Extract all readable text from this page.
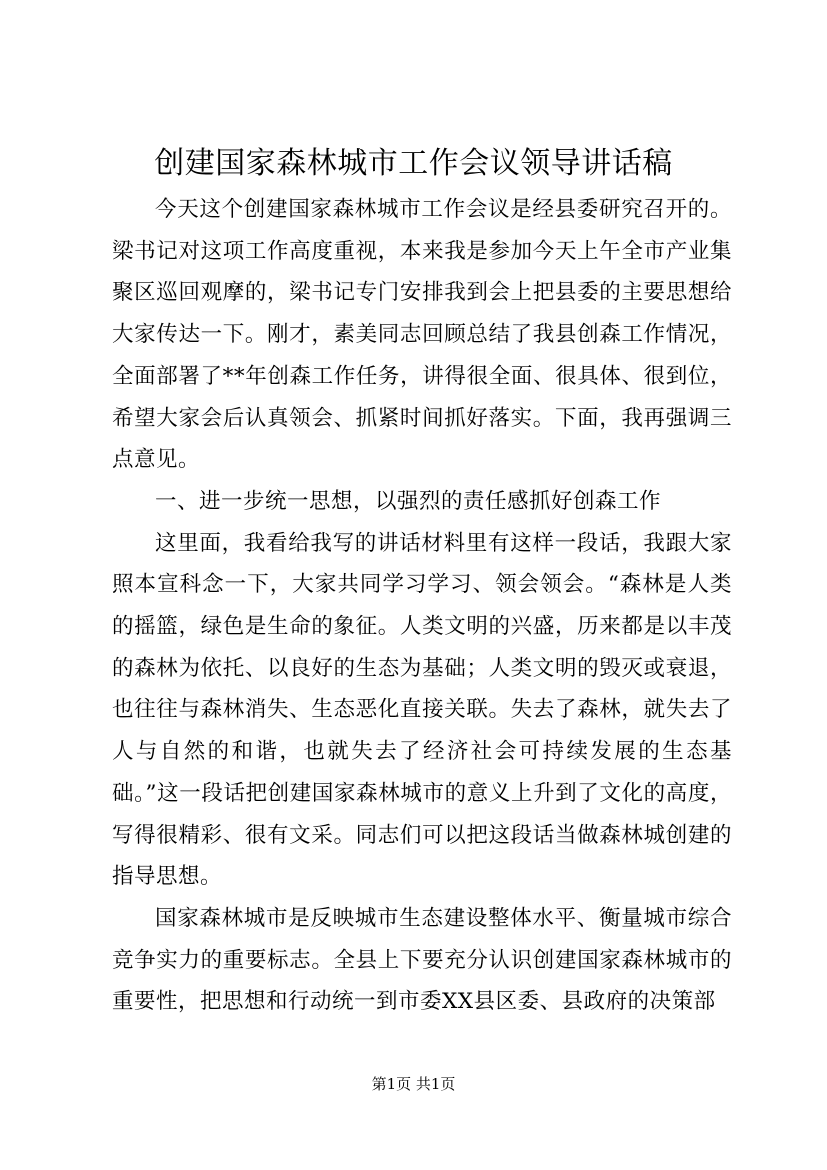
创建国家森林城市工作会议领导讲话稿

今天这个创建国家森林城市工作会议是经县委研究召开的。梁书记对这项工作高度重视，本来我是参加今天上午全市产业集聚区巡回观摩的，梁书记专门安排我到会上把县委的主要思想给大家传达一下。刚才，素美同志回顾总结了我县创森工作情况，全面部署了**年创森工作任务，讲得很全面、很具体、很到位，希望大家会后认真领会、抓紧时间抓好落实。下面，我再强调三点意见。

一、进一步统一思想，以强烈的责任感抓好创森工作

这里面，我看给我写的讲话材料里有这样一段话，我跟大家照本宣科念一下，大家共同学习学习、领会领会。“森林是人类的摇篮，绿色是生命的象征。人类文明的兴盛，历来都是以丰茂的森林为依托、以良好的生态为基础；人类文明的毁灭或衰退，也往往与森林消失、生态恶化直接关联。失去了森林，就失去了人与自然的和谐，也就失去了经济社会可持续发展的生态基础。”这一段话把创建国家森林城市的意义上升到了文化的高度，写得很精彩、很有文采。同志们可以把这段话当做森林城创建的指导思想。

国家森林城市是反映城市生态建设整体水平、衡量城市综合竞争实力的重要标志。全县上下要充分认识创建国家森林城市的重要性，把思想和行动统一到市委XX县区委、县政府的决策部

第1页 共1页
